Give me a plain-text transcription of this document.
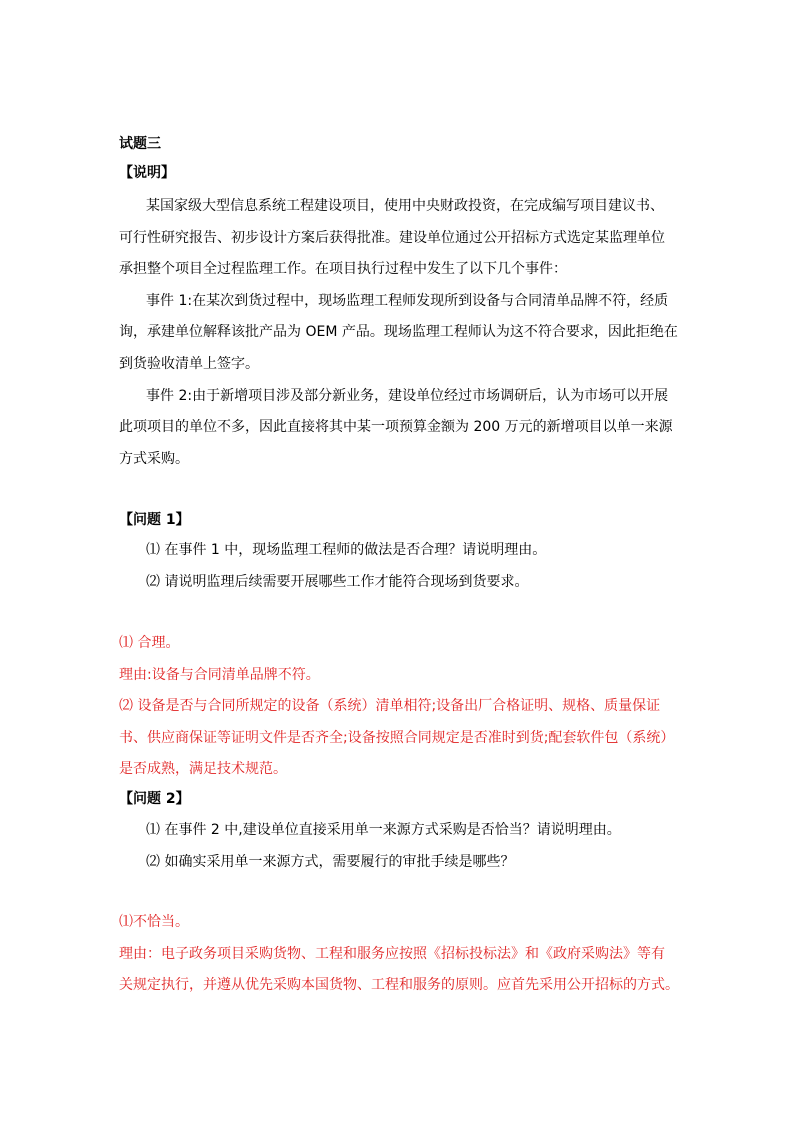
试题三
【说明】
某国家级大型信息系统工程建设项目，使用中央财政投资，在完成编写项目建议书、
可行性研究报告、初步设计方案后获得批准。建设单位通过公开招标方式选定某监理单位
承担整个项目全过程监理工作。在项目执行过程中发生了以下几个事件：
事件 1:在某次到货过程中，现场监理工程师发现所到设备与合同清单品牌不符，经质
询，承建单位解释该批产品为 OEM 产品。现场监理工程师认为这不符合要求，因此拒绝在
到货验收清单上签字。
事件 2:由于新增项目涉及部分新业务，建设单位经过市场调研后，认为市场可以开展
此项项目的单位不多，因此直接将其中某一项预算金额为 200 万元的新增项目以单一来源
方式采购。
【问题 1】
⑴ 在事件 1 中，现场监理工程师的做法是否合理？请说明理由。
⑵ 请说明监理后续需要开展哪些工作才能符合现场到货要求。
⑴ 合理。
理由:设备与合同清单品牌不符。
⑵ 设备是否与合同所规定的设备（系统）清单相符;设备出厂合格证明、规格、质量保证
书、供应商保证等证明文件是否齐全;设备按照合同规定是否准时到货;配套软件包（系统）
是否成熟，满足技术规范。
【问题 2】
⑴ 在事件 2 中,建设单位直接采用单一来源方式采购是否恰当？请说明理由。
⑵ 如确实采用单一来源方式，需要履行的审批手续是哪些？
⑴不恰当。
理由：电子政务项目采购货物、工程和服务应按照《招标投标法》和《政府采购法》等有
关规定执行，并遵从优先采购本国货物、工程和服务的原则。应首先采用公开招标的方式。
